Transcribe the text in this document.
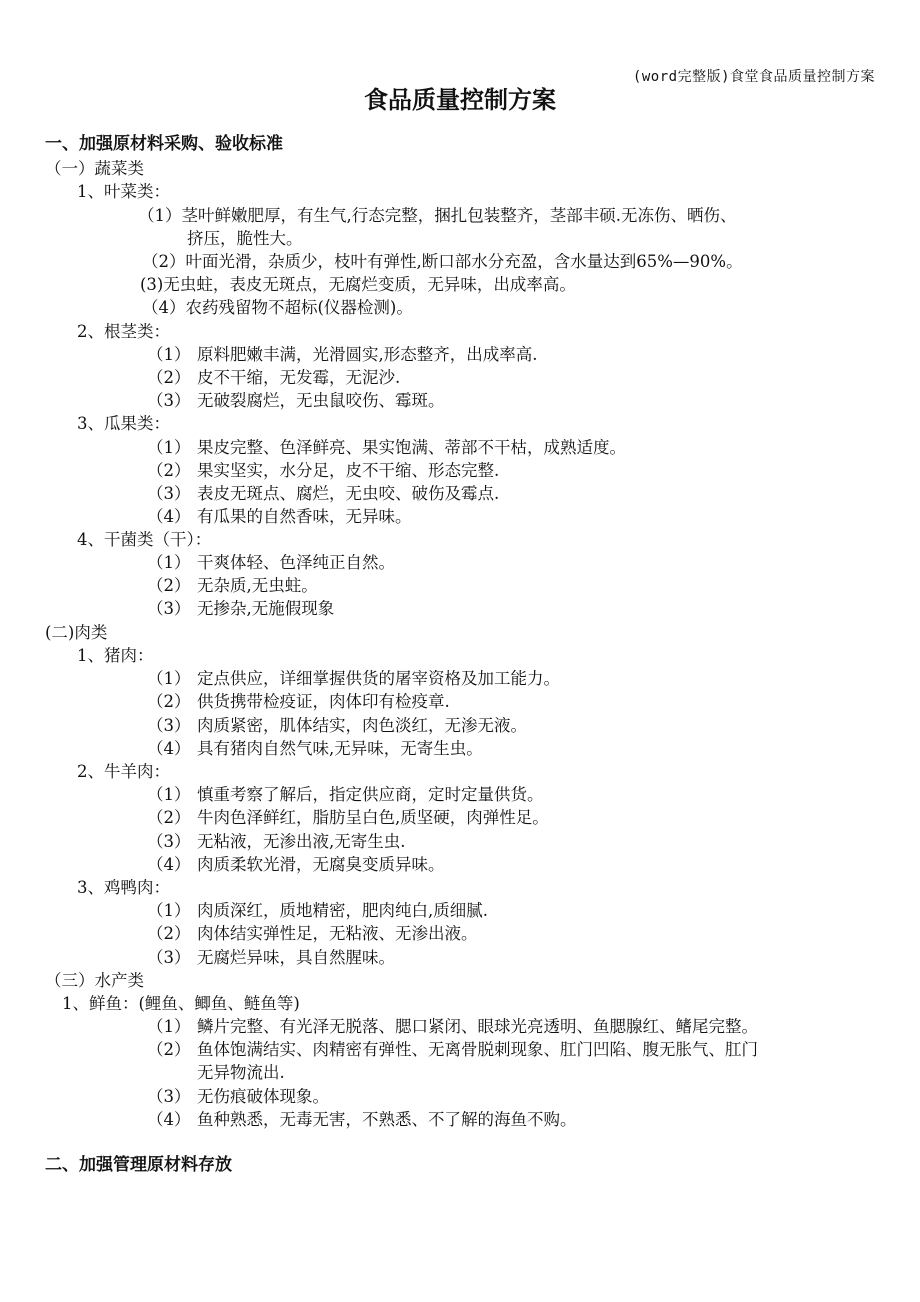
(word完整版)食堂食品质量控制方案
食品质量控制方案
一、加强原材料采购、验收标准
（一）蔬菜类
1、叶菜类：
（1）茎叶鲜嫩肥厚，有生气,行态完整，捆扎包装整齐，茎部丰硕.无冻伤、晒伤、
挤压，脆性大。
（2）叶面光滑，杂质少，枝叶有弹性,断口部水分充盈，含水量达到65%—90%。
(3)无虫蛀，表皮无斑点，无腐烂变质，无异味，出成率高。
（4）农药残留物不超标(仪器检测)。
2、根茎类：
（1） 原料肥嫩丰满，光滑圆实,形态整齐，出成率高.
（2） 皮不干缩，无发霉，无泥沙.
（3） 无破裂腐烂，无虫鼠咬伤、霉斑。
3、瓜果类：
（1） 果皮完整、色泽鲜亮、果实饱满、蒂部不干枯，成熟适度。
（2） 果实坚实，水分足，皮不干缩、形态完整.
（3） 表皮无斑点、腐烂，无虫咬、破伤及霉点.
（4） 有瓜果的自然香味，无异味。
4、干菌类（干）：
（1） 干爽体轻、色泽纯正自然。
（2） 无杂质,无虫蛀。
（3） 无掺杂,无施假现象
(二)肉类
1、猪肉：
（1） 定点供应，详细掌握供货的屠宰资格及加工能力。
（2） 供货携带检疫证，肉体印有检疫章.
（3） 肉质紧密，肌体结实，肉色淡红，无渗无液。
（4） 具有猪肉自然气味,无异味，无寄生虫。
2、牛羊肉：
（1） 慎重考察了解后，指定供应商，定时定量供货。
（2） 牛肉色泽鲜红，脂肪呈白色,质坚硬，肉弹性足。
（3） 无粘液，无渗出液,无寄生虫.
（4） 肉质柔软光滑，无腐臭变质异味。
3、鸡鸭肉：
（1） 肉质深红，质地精密，肥肉纯白,质细腻.
（2） 肉体结实弹性足，无粘液、无渗出液。
（3） 无腐烂异味，具自然腥味。
（三）水产类
1、鲜鱼：(鲤鱼、鲫鱼、鲢鱼等)
（1） 鳞片完整、有光泽无脱落、腮口紧闭、眼球光亮透明、鱼腮腺红、鳍尾完整。
（2） 鱼体饱满结实、肉精密有弹性、无离骨脱刺现象、肛门凹陷、腹无胀气、肛门
无异物流出.
（3） 无伤痕破体现象。
（4） 鱼种熟悉，无毒无害，不熟悉、不了解的海鱼不购。
二、加强管理原材料存放
